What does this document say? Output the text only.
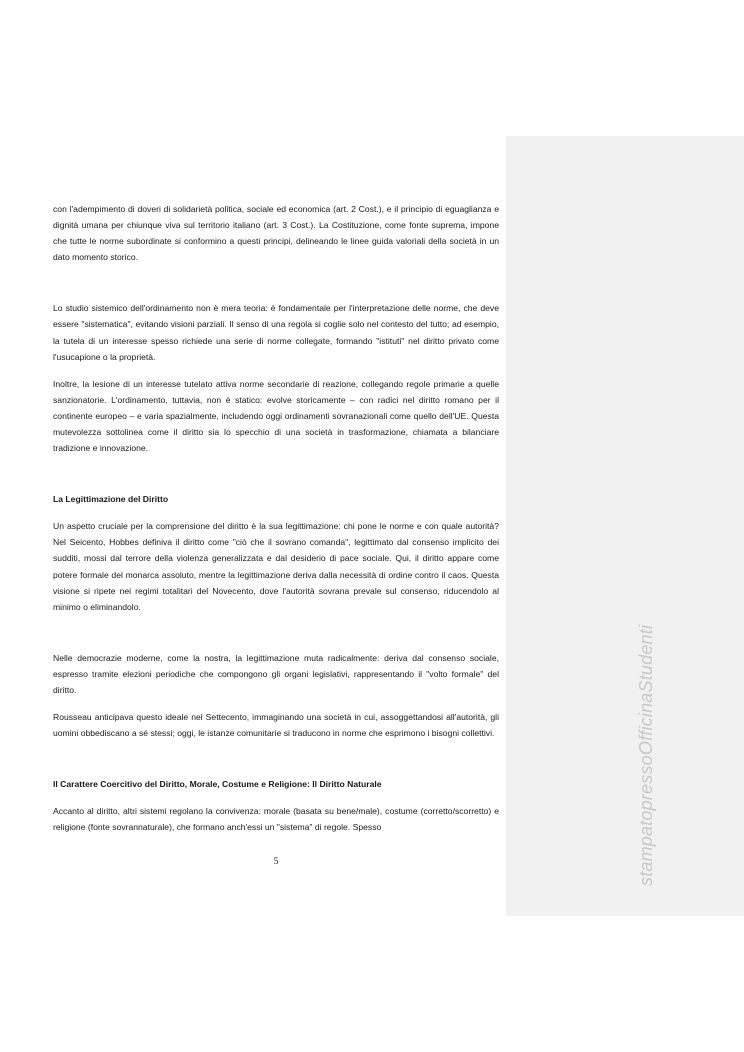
stampatopressoOfficinaStudenti

con l'adempimento di doveri di solidarietà politica, sociale ed economica (art. 2 Cost.), e il principio di eguaglianza e dignità umana per chiunque viva sul territorio italiano (art. 3 Cost.). La Costituzione, come fonte suprema, impone che tutte le norme subordinate si conformino a questi principi, delineando le linee guida valoriali della società in un dato momento storico.

Lo studio sistemico dell'ordinamento non è mera teoria: è fondamentale per l'interpretazione delle norme, che deve essere "sistematica", evitando visioni parziali. Il senso di una regola si coglie solo nel contesto del tutto; ad esempio, la tutela di un interesse spesso richiede una serie di norme collegate, formando "istituti" nel diritto privato come l'usucapione o la proprietà.

Inoltre, la lesione di un interesse tutelato attiva norme secondarie di reazione, collegando regole primarie a quelle sanzionatorie. L'ordinamento, tuttavia, non è statico: evolve storicamente – con radici nel diritto romano per il continente europeo – e varia spazialmente, includendo oggi ordinamenti sovranazionali come quello dell'UE. Questa mutevolezza sottolinea come il diritto sia lo specchio di una società in trasformazione, chiamata a bilanciare tradizione e innovazione.

La Legittimazione del Diritto

Un aspetto cruciale per la comprensione del diritto è la sua legittimazione: chi pone le norme e con quale autorità? Nel Seicento, Hobbes definiva il diritto come "ciò che il sovrano comanda", legittimato dal consenso implicito dei sudditi, mossi dal terrore della violenza generalizzata e dal desiderio di pace sociale. Qui, il diritto appare come potere formale del monarca assoluto, mentre la legittimazione deriva dalla necessità di ordine contro il caos. Questa visione si ripete nei regimi totalitari del Novecento, dove l'autorità sovrana prevale sul consenso, riducendolo al minimo o eliminandolo.

Nelle democrazie moderne, come la nostra, la legittimazione muta radicalmente: deriva dal consenso sociale, espresso tramite elezioni periodiche che compongono gli organi legislativi, rappresentando il "volto formale" del diritto.

Rousseau anticipava questo ideale nel Settecento, immaginando una società in cui, assoggettandosi all'autorità, gli uomini obbediscano a sé stessi; oggi, le istanze comunitarie si traducono in norme che esprimono i bisogni collettivi.

Il Carattere Coercitivo del Diritto, Morale, Costume e Religione: Il Diritto Naturale

Accanto al diritto, altri sistemi regolano la convivenza: morale (basata su bene/male), costume (corretto/scorretto) e religione (fonte sovrannaturale), che formano anch'essi un "sistema" di regole. Spesso

5
